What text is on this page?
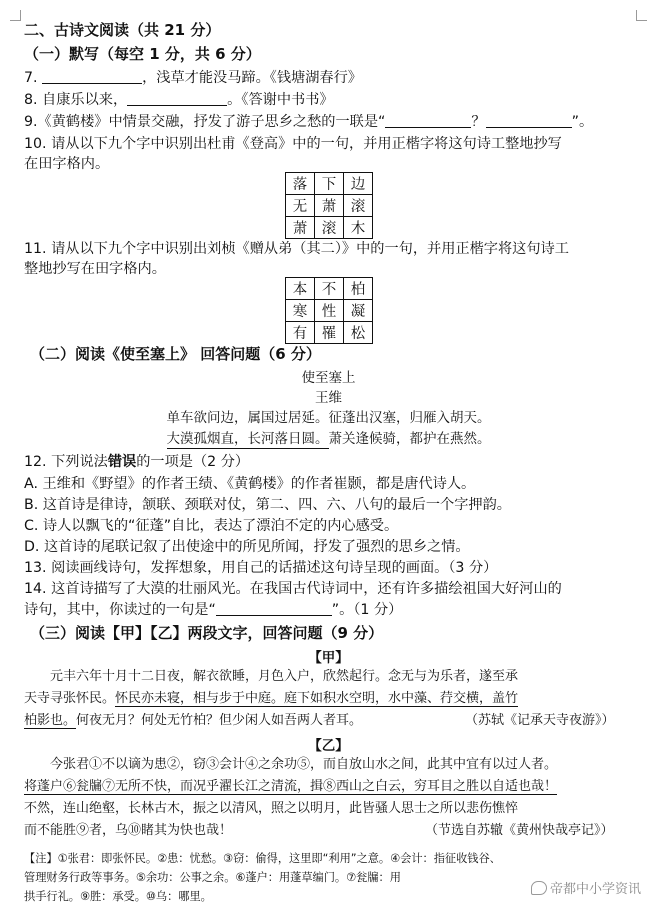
二、古诗文阅读（共 21 分）
（一）默写（每空 1 分，共 6 分）
7.	，浅草才能没马蹄。《钱塘湖春行》
8. 自康乐以来，	。《答谢中书书》
9.《黄鹤楼》中情景交融，抒发了游子思乡之愁的一联是“	？	”。
10. 请从以下九个字中识别出杜甫《登高》中的一句，并用正楷字将这句诗工整地抄写
在田字格内。
落	下	边
无	萧	滚
萧	滚	木
11. 请从以下九个字中识别出刘桢《赠从弟（其二）》中的一句，并用正楷字将这句诗工
整地抄写在田字格内。
本	不	柏
寒	性	凝
有	罹	松
（二）阅读《使至塞上》 回答问题（6 分）
使至塞上
王维
单车欲问边，属国过居延。征蓬出汉塞，归雁入胡天。
大漠孤烟直，长河落日圆。萧关逢候骑，都护在燕然。
12. 下列说法错误的一项是（2 分）
A. 王维和《野望》的作者王绩、《黄鹤楼》的作者崔颢，都是唐代诗人。
B. 这首诗是律诗，颔联、颈联对仗，第二、四、六、八句的最后一个字押韵。
C. 诗人以飘飞的“征蓬”自比，表达了漂泊不定的内心感受。
D. 这首诗的尾联记叙了出使途中的所见所闻，抒发了强烈的思乡之情。
13. 阅读画线诗句，发挥想象，用自己的话描述这句诗呈现的画面。（3 分）
14. 这首诗描写了大漠的壮丽风光。在我国古代诗词中，还有许多描绘祖国大好河山的
诗句，其中，你读过的一句是“	”。（1 分）
（三）阅读【甲】【乙】两段文字，回答问题（9 分）
【甲】
元丰六年十月十二日夜，解衣欲睡，月色入户，欣然起行。念无与为乐者，遂至承
天寺寻张怀民。怀民亦未寝，相与步于中庭。庭下如积水空明，水中藻、荇交横，盖竹
柏影也。何夜无月？何处无竹柏？但少闲人如吾两人者耳。	（苏轼《记承天寺夜游》）
【乙】
今张君①不以谪为患②，窃③会计④之余功⑤，而自放山水之间，此其中宜有以过人者。
将蓬户⑥瓮牖⑦无所不快，而况乎濯长江之清流，揖⑧西山之白云，穷耳目之胜以自适也哉！
不然，连山绝壑，长林古木，振之以清风，照之以明月，此皆骚人思士之所以悲伤憔悴
而不能胜⑨者，乌⑩睹其为快也哉！	（节选自苏辙《黄州快哉亭记》）
【注】①张君：即张怀民。②患：忧愁。③窃：偷得，这里即“利用”之意。④会计：指征收钱谷、
管理财务行政等事务。⑤余功：公事之余。⑥蓬户：用蓬草编门。⑦瓮牖：用
拱手行礼。⑨胜：承受。⑩乌：哪里。	帝都中小学资讯
